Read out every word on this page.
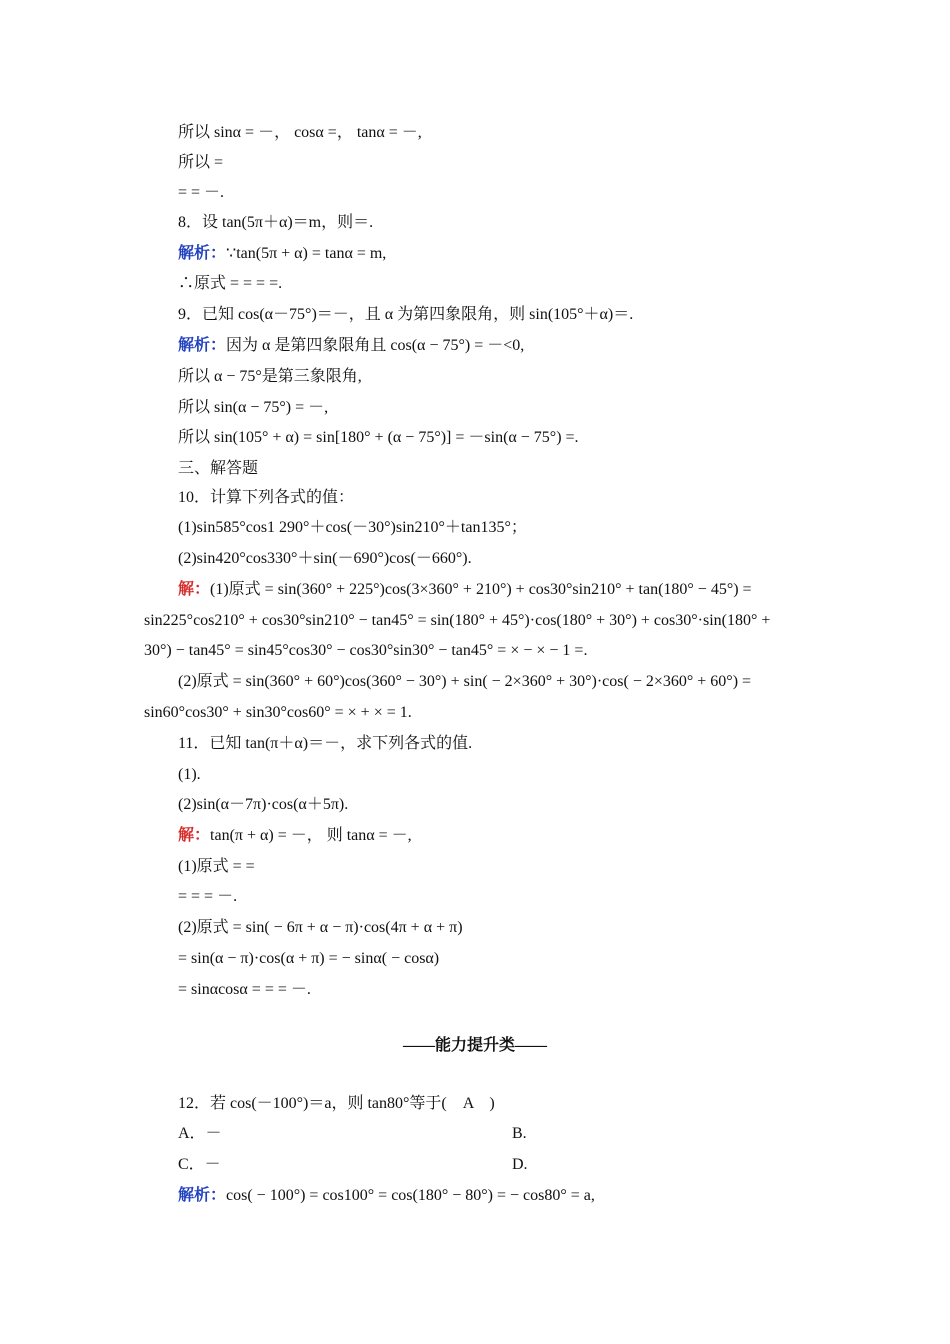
所以 sinα = －， cosα =， tanα = －,
所以 =
= = －.
8．设 tan(5π＋α)＝m，则＝.
解析：∵tan(5π + α) = tanα = m,
∴原式 = = = =.
9．已知 cos(α－75°)＝－，且 α 为第四象限角，则 sin(105°＋α)＝.
解析：因为 α 是第四象限角且 cos(α − 75°) = －<0,
所以 α − 75°是第三象限角,
所以 sin(α − 75°) = －,
所以 sin(105° + α) = sin[180° + (α − 75°)] = －sin(α − 75°) =.
三、解答题
10．计算下列各式的值：
(1)sin585°cos1 290°＋cos(－30°)sin210°＋tan135°；
(2)sin420°cos330°＋sin(－690°)cos(－660°).
解：(1)原式 = sin(360° + 225°)cos(3×360° + 210°) + cos30°sin210° + tan(180° − 45°) =
sin225°cos210° + cos30°sin210° − tan45° = sin(180° + 45°)·cos(180° + 30°) + cos30°·sin(180° +
30°) − tan45° = sin45°cos30° − cos30°sin30° − tan45° = × − × − 1 =.
(2)原式 = sin(360° + 60°)cos(360° − 30°) + sin( − 2×360° + 30°)·cos( − 2×360° + 60°) =
sin60°cos30° + sin30°cos60° = × + × = 1.
11．已知 tan(π＋α)＝－，求下列各式的值.
(1).
(2)sin(α－7π)·cos(α＋5π).
解：tan(π + α) = －， 则 tanα = －,
(1)原式 = =
= = = －.
(2)原式 = sin( − 6π + α − π)·cos(4π + α + π)
= sin(α − π)·cos(α + π) = − sinα( − cosα)
= sinαcosα = = = －.
——能力提升类——
12．若 cos(－100°)＝a，则 tan80°等于(　A　)
A．－	B.
C．－	D.
解析：cos( − 100°) = cos100° = cos(180° − 80°) = − cos80° = a,
